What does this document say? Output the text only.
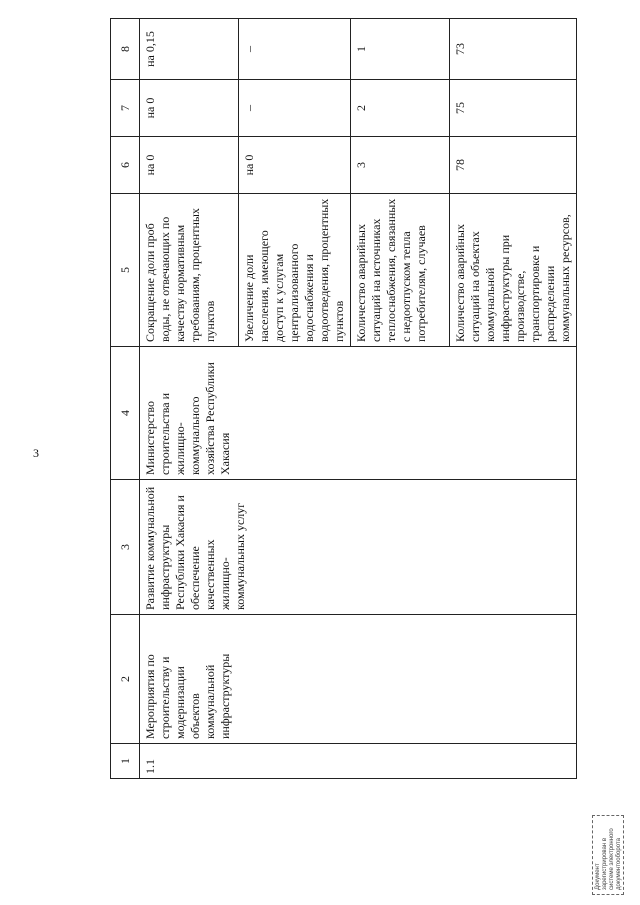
3
1	2	3	4	5	6	7	8
1.1	Мероприятия по строительству и модернизации объектов коммунальной инфраструктуры	Развитие коммунальной инфраструктуры Республики Хакасия и обеспечение качественных жилищно-коммунальных услуг	Министерство строительства и жилищно-коммунального хозяйства Республики Хакасия	Сокращение доли проб воды, не отвечающих по качеству нормативным требованиям, процентных пунктов	на 0	на 0	на 0,15
				Увеличение доли населения, имеющего доступ к услугам централизованного водоснабжения и водоотведения, процентных пунктов	на 0	–	–
				Количество аварийных ситуаций на источниках теплоснабжения, связанных с недоотпуском тепла потребителям, случаев	3	2	1
				Количество аварийных ситуаций на объектах коммунальной инфраструктуры при производстве, транспортировке и распределении коммунальных ресурсов,	78	75	73
Документ зарегистрирован в системе электронного документооборота
